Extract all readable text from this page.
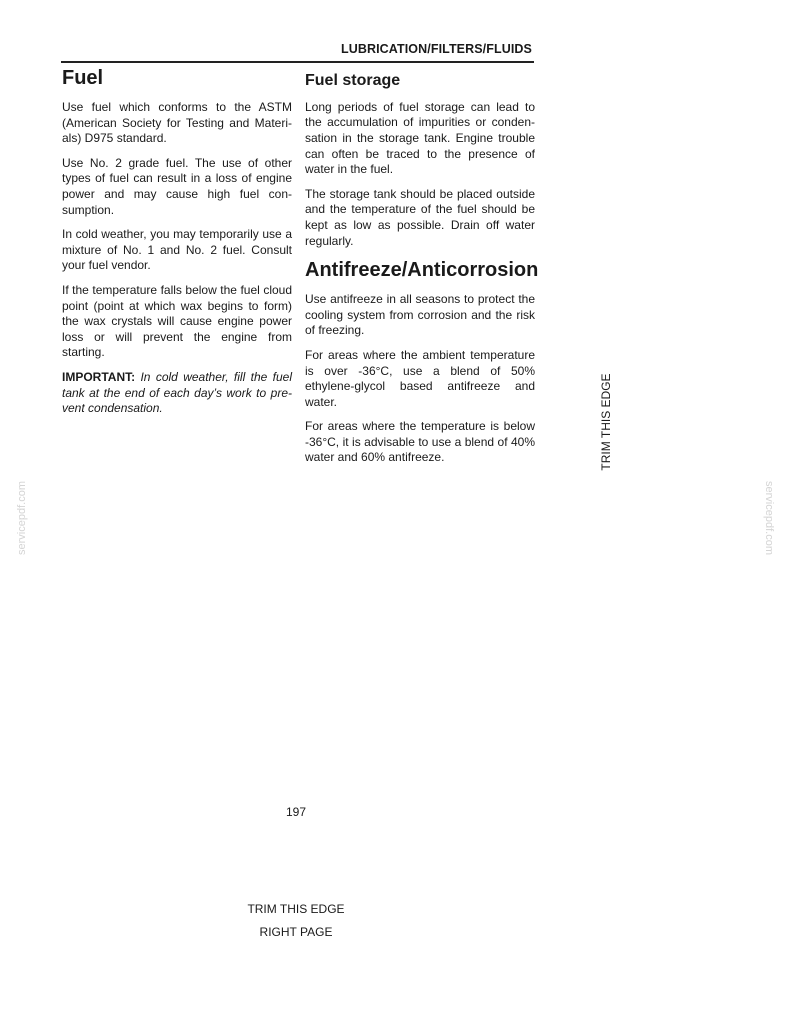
LUBRICATION/FILTERS/FLUIDS
Fuel

Use fuel which conforms to the ASTM (American Society for Testing and Materials) D975 standard.

Use No. 2 grade fuel. The use of other types of fuel can result in a loss of engine power and may cause high fuel consumption.

In cold weather, you may temporarily use a mixture of No. 1 and No. 2 fuel. Consult your fuel vendor.

If the temperature falls below the fuel cloud point (point at which wax begins to form) the wax crystals will cause engine power loss or will prevent the engine from starting.

IMPORTANT: In cold weather, fill the fuel tank at the end of each day’s work to prevent condensation.

Fuel storage

Long periods of fuel storage can lead to the accumulation of impurities or condensation in the storage tank. Engine trouble can often be traced to the presence of water in the fuel.

The storage tank should be placed outside and the temperature of the fuel should be kept as low as possible. Drain off water regularly.

Antifreeze/Anticorrosion

Use antifreeze in all seasons to protect the cooling system from corrosion and the risk of freezing.

For areas where the ambient temperature is over -36°C, use a blend of 50% ethylene-glycol based antifreeze and water.

For areas where the temperature is below -36°C, it is advisable to use a blend of 40% water and 60% antifreeze.	TRIM THIS EDGE
servicepdf.com	servicepdf.com
197
TRIM THIS EDGE
RIGHT PAGE
